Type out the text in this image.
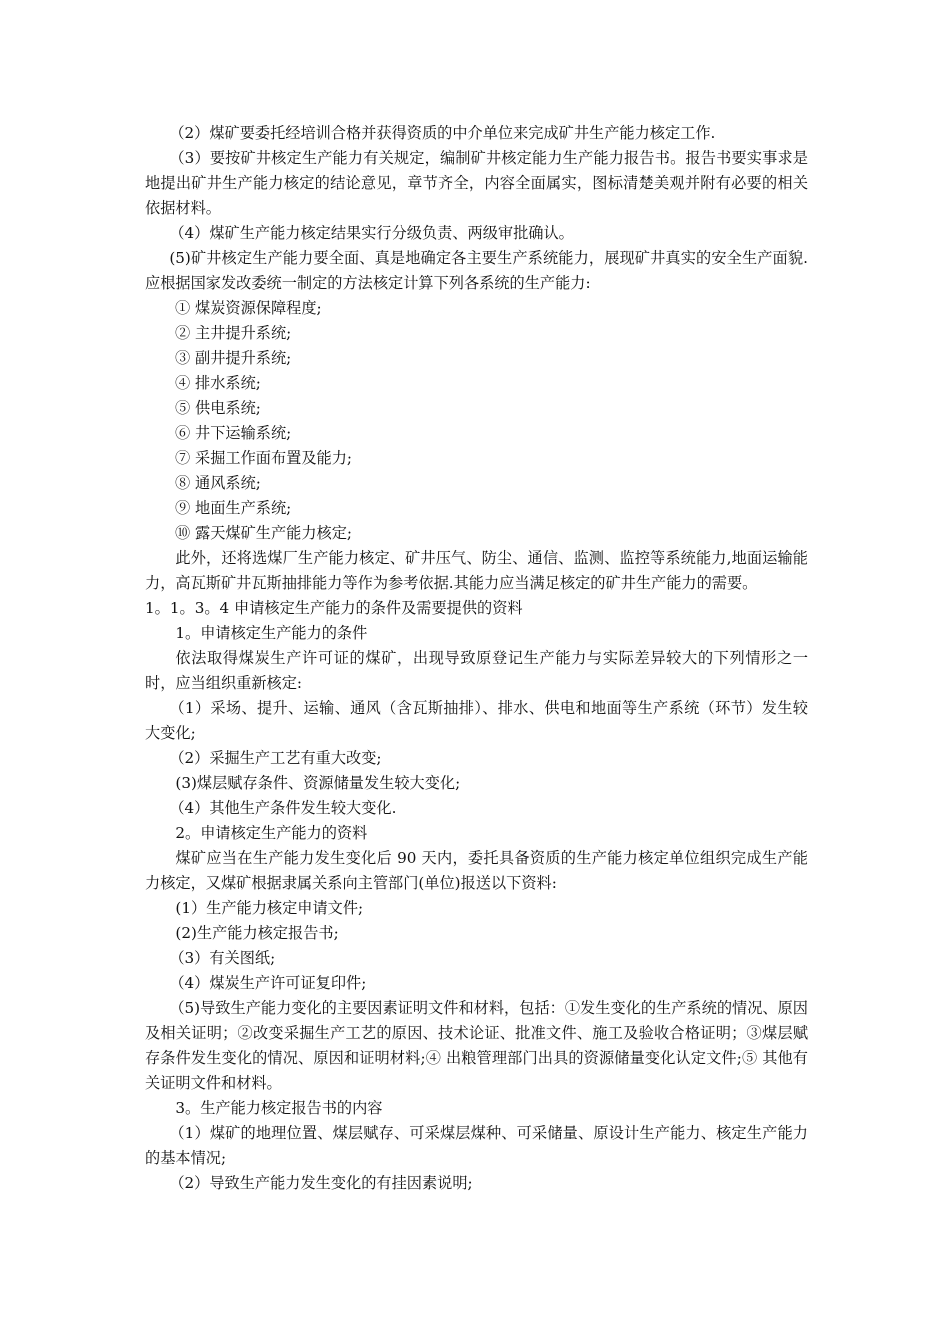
（2）煤矿要委托经培训合格并获得资质的中介单位来完成矿井生产能力核定工作.

（3）要按矿井核定生产能力有关规定，编制矿井核定能力生产能力报告书。报告书要实事求是地提出矿井生产能力核定的结论意见，章节齐全，内容全面属实，图标清楚美观并附有必要的相关依据材料。

（4）煤矿生产能力核定结果实行分级负责、两级审批确认。

(5)矿井核定生产能力要全面、真是地确定各主要生产系统能力，展现矿井真实的安全生产面貌.应根据国家发改委统一制定的方法核定计算下列各系统的生产能力:

① 煤炭资源保障程度;

② 主井提升系统;

③ 副井提升系统;

④ 排水系统;

⑤ 供电系统;

⑥ 井下运输系统;

⑦ 采掘工作面布置及能力;

⑧ 通风系统;

⑨ 地面生产系统;

⑩ 露天煤矿生产能力核定;

此外，还将选煤厂生产能力核定、矿井压气、防尘、通信、监测、监控等系统能力,地面运输能力，高瓦斯矿井瓦斯抽排能力等作为参考依据.其能力应当满足核定的矿井生产能力的需要。

1。1。3。4 申请核定生产能力的条件及需要提供的资料

1。申请核定生产能力的条件

依法取得煤炭生产许可证的煤矿，出现导致原登记生产能力与实际差异较大的下列情形之一时，应当组织重新核定:

（1）采场、提升、运输、通风（含瓦斯抽排）、排水、供电和地面等生产系统（环节）发生较大变化;

（2）采掘生产工艺有重大改变;

(3)煤层赋存条件、资源储量发生较大变化;

（4）其他生产条件发生较大变化.

2。申请核定生产能力的资料

煤矿应当在生产能力发生变化后 90 天内，委托具备资质的生产能力核定单位组织完成生产能力核定，又煤矿根据隶属关系向主管部门(单位)报送以下资料:

(1）生产能力核定申请文件;

(2)生产能力核定报告书;

（3）有关图纸;

（4）煤炭生产许可证复印件;

（5)导致生产能力变化的主要因素证明文件和材料，包括：①发生变化的生产系统的情况、原因及相关证明；②改变采掘生产工艺的原因、技术论证、批准文件、施工及验收合格证明；③煤层赋存条件发生变化的情况、原因和证明材料;④ 出粮管理部门出具的资源储量变化认定文件;⑤ 其他有关证明文件和材料。

3。生产能力核定报告书的内容

（1）煤矿的地理位置、煤层赋存、可采煤层煤种、可采储量、原设计生产能力、核定生产能力的基本情况;

（2）导致生产能力发生变化的有挂因素说明;
